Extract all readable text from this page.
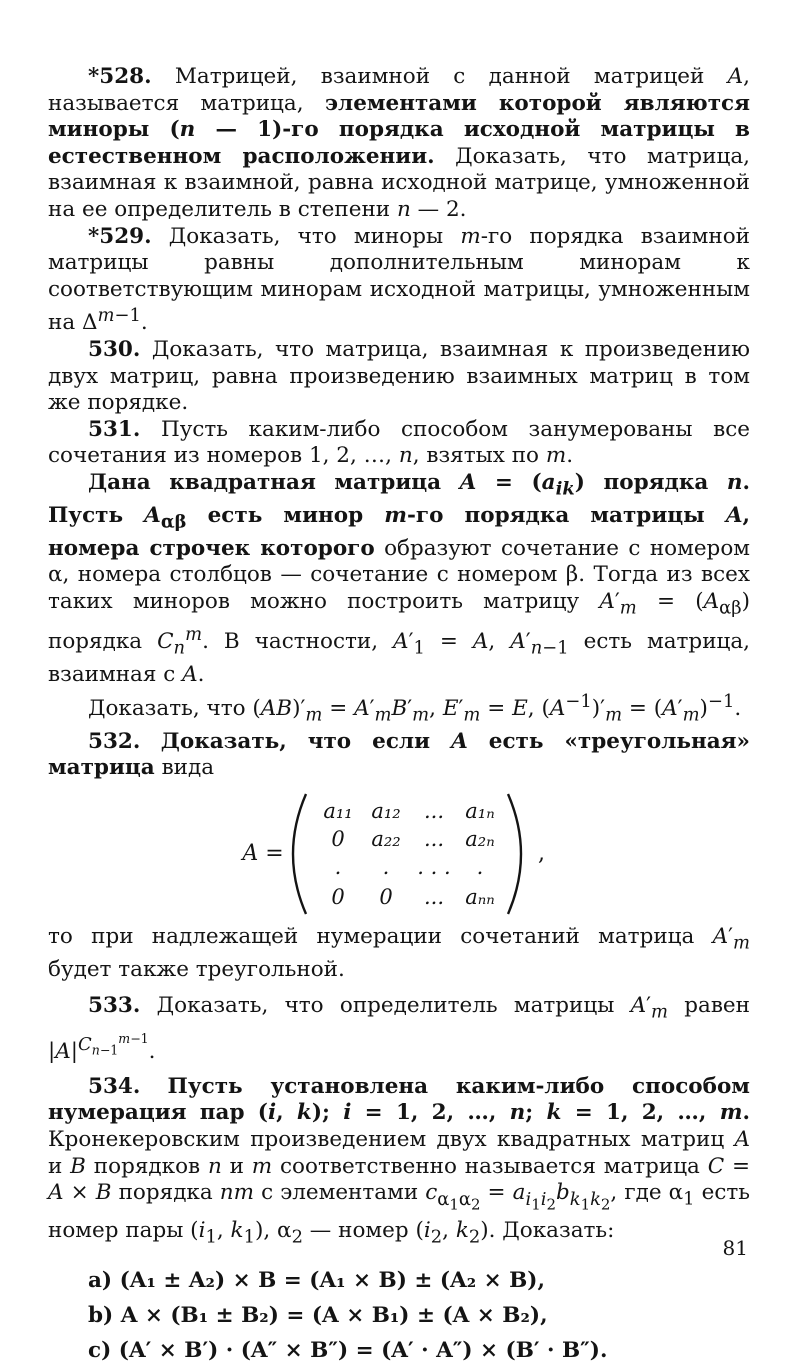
*528. Матрицей, взаимной с данной матрицей A, называется матрица, элементами которой являются миноры (n — 1)-го порядка исходной матрицы в естественном расположении. Доказать, что матрица, взаимная к взаимной, равна исходной матрице, умноженной на ее определитель в степени n — 2.

*529. Доказать, что миноры m-го порядка взаимной матрицы равны дополнительным минорам к соответствующим минорам исходной матрицы, умноженным на $\Delta^{m-1}$.

530. Доказать, что матрица, взаимная к произведению двух матриц, равна произведению взаимных матриц в том же порядке.

531. Пусть каким-либо способом занумерованы все сочетания из номеров 1, 2, …, n, взятых по m.

Дана квадратная матрица $A = (a_{ik})$ порядка n. Пусть $A_{\alpha\beta}$ есть минор m-го порядка матрицы A, номера строчек которого образуют сочетание с номером α, номера столбцов — сочетание с номером β. Тогда из всех таких миноров можно построить матрицу $A'_m = (A_{\alpha\beta})$ порядка $C_n^m$. В частности, $A'_1 = A$, $A'_{n-1}$ есть матрица, взаимная с A.

Доказать, что $(AB)'_m = A'_mB'_m$, $E'_m = E$, $(A^{-1})'_m = (A'_m)^{-1}$.

532. Доказать, что если A есть «треугольная» матрица вида

A =
a₁₁ a₁₂ ... a₁ₙ
0 a₂₂ ... a₂ₙ
. . . . . .
0 0 ... aₙₙ
,

то при надлежащей нумерации сочетаний матрица $A'_m$ будет также треугольной.

533. Доказать, что определитель матрицы $A'_m$ равен $|A|^{C_{n-1}^{m-1}}$.

534. Пусть установлена каким-либо способом нумерация пар (i, k); i = 1, 2, …, n; k = 1, 2, …, m. Кронекеровским произведением двух квадратных матриц A и B порядков n и m соответственно называется матрица C = A × B порядка nm с элементами $c_{\alpha_1\alpha_2} = a_{i_1i_2}b_{k_1k_2}$, где $\alpha_1$ есть номер пары ($i_1$, $k_1$), $\alpha_2$ — номер ($i_2$, $k_2$). Доказать:

a) (A₁ ± A₂) × B = (A₁ × B) ± (A₂ × B),
b) A × (B₁ ± B₂) = (A × B₁) ± (A × B₂),
c) (A′ × B′) · (A″ × B″) = (A′ · A″) × (B′ · B″).
81
